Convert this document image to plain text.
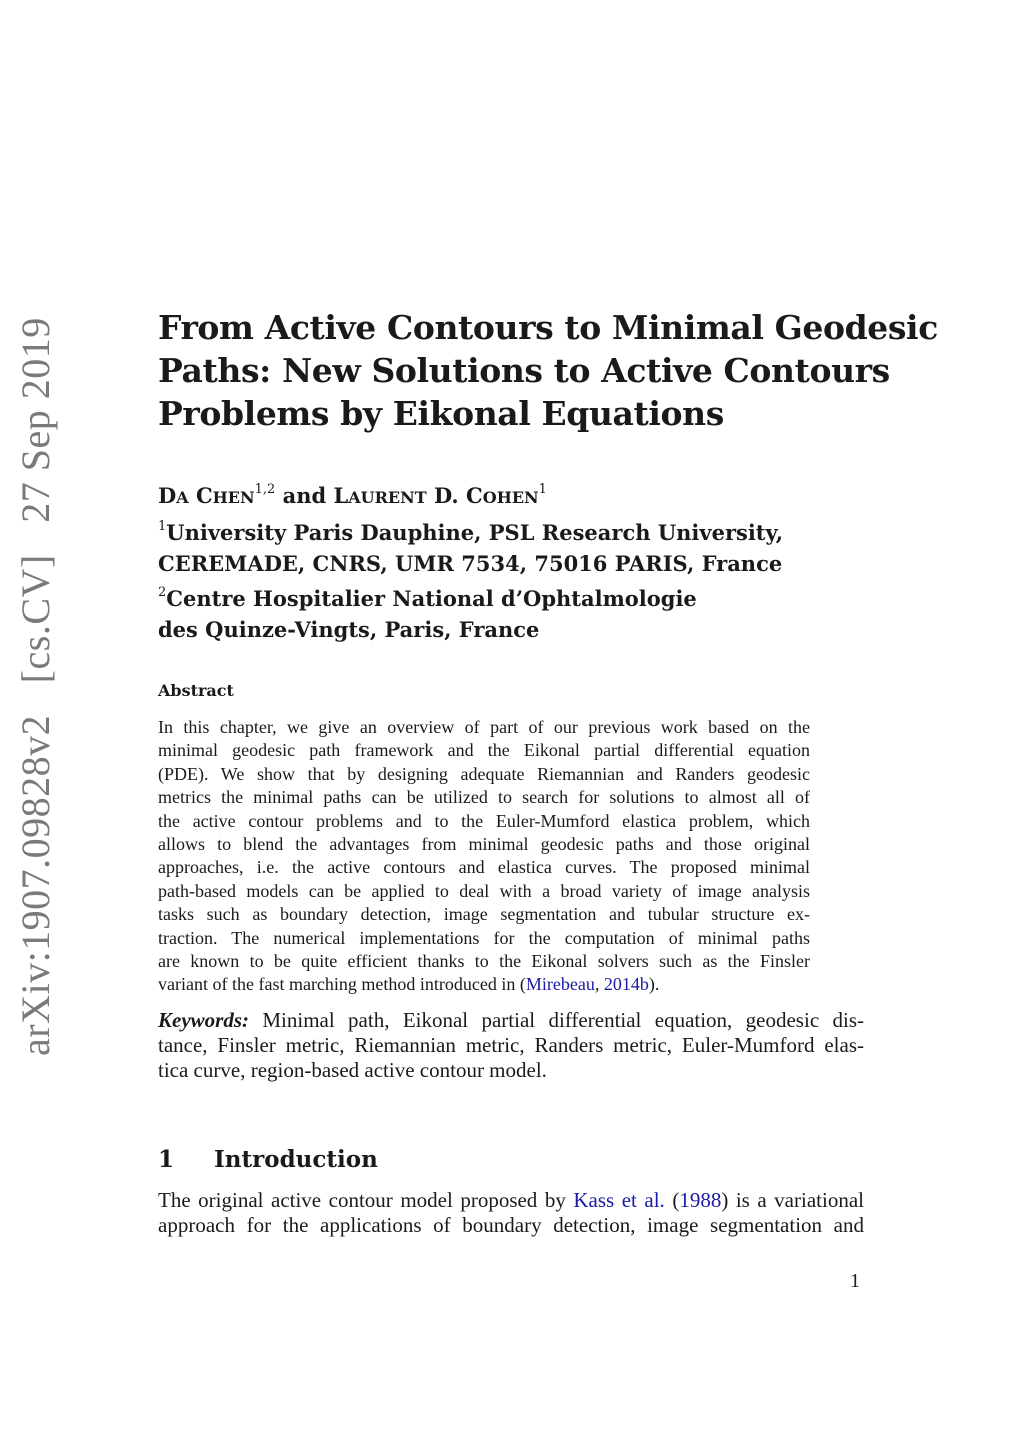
arXiv:1907.09828v2   [cs.CV]   27 Sep 2019	From Active Contours to Minimal Geodesic
Paths: New Solutions to Active Contours
Problems by Eikonal Equations
DA CHEN$^{1,2}$ and LAURENT D. COHEN$^1$
$^1$University Paris Dauphine, PSL Research University,
CEREMADE, CNRS, UMR 7534, 75016 PARIS, France
$^2$Centre Hospitalier National d’Ophtalmologie
des Quinze-Vingts, Paris, France
Abstract
In this chapter, we give an overview of part of our previous work based on the
minimal geodesic path framework and the Eikonal partial differential equation
(PDE). We show that by designing adequate Riemannian and Randers geodesic
metrics the minimal paths can be utilized to search for solutions to almost all of
the active contour problems and to the Euler-Mumford elastica problem, which
allows to blend the advantages from minimal geodesic paths and those original
approaches, i.e. the active contours and elastica curves. The proposed minimal
path-based models can be applied to deal with a broad variety of image analysis
tasks such as boundary detection, image segmentation and tubular structure ex-
traction. The numerical implementations for the computation of minimal paths
are known to be quite efficient thanks to the Eikonal solvers such as the Finsler
variant of the fast marching method introduced in (Mirebeau, 2014b).
Keywords: Minimal path, Eikonal partial differential equation, geodesic dis-
tance, Finsler metric, Riemannian metric, Randers metric, Euler-Mumford elas-
tica curve, region-based active contour model.
1 Introduction
The original active contour model proposed by Kass et al. (1988) is a variational
approach for the applications of boundary detection, image segmentation and
1
